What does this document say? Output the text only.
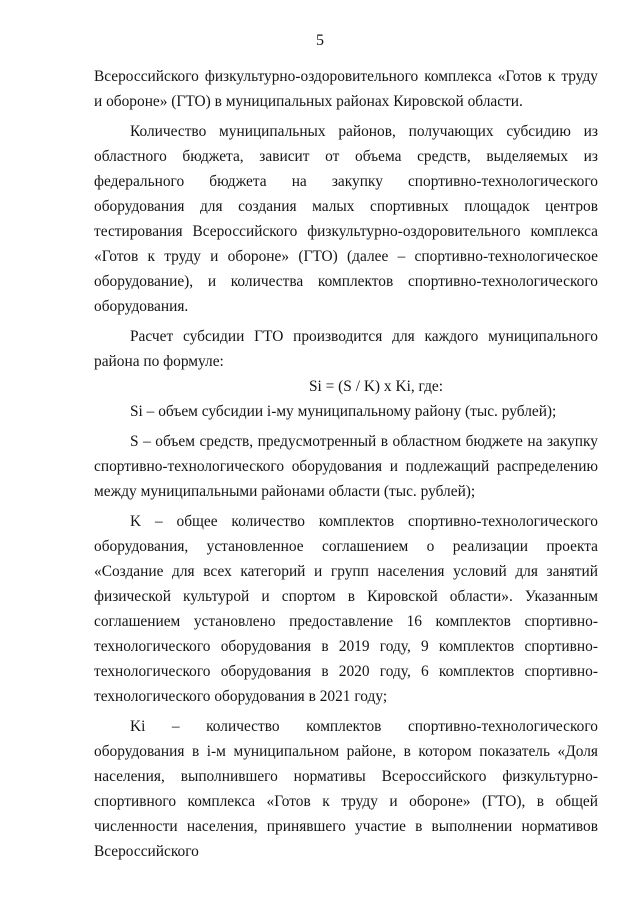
5

Всероссийского физкультурно-оздоровительного комплекса «Готов к труду и обороне» (ГТО) в муниципальных районах Кировской области.

Количество муниципальных районов, получающих субсидию из областного бюджета, зависит от объема средств, выделяемых из федерального бюджета на закупку спортивно-технологического оборудования для создания малых спортивных площадок центров тестирования Всероссийского физкультурно-оздоровительного комплекса «Готов к труду и обороне» (ГТО) (далее – спортивно-технологическое оборудование), и количества комплектов спортивно-технологического оборудования.

Расчет субсидии ГТО производится для каждого муниципального района по формуле:

Si = (S / K) x Ki, где:

Si – объем субсидии i-му муниципальному району (тыс. рублей);

S – объем средств, предусмотренный в областном бюджете на закупку спортивно-технологического оборудования и подлежащий распределению между муниципальными районами области (тыс. рублей);

K – общее количество комплектов спортивно-технологического оборудования, установленное соглашением о реализации проекта «Создание для всех категорий и групп населения условий для занятий физической культурой и спортом в Кировской области». Указанным соглашением установлено предоставление 16 комплектов спортивно-технологического оборудования в 2019 году, 9 комплектов спортивно-технологического оборудования в 2020 году, 6 комплектов спортивно-технологического оборудования в 2021 году;

Ki – количество комплектов спортивно-технологического оборудования в i-м муниципальном районе, в котором показатель «Доля населения, выполнившего нормативы Всероссийского физкультурно-спортивного комплекса «Готов к труду и обороне» (ГТО), в общей численности населения, принявшего участие в выполнении нормативов Всероссийского
